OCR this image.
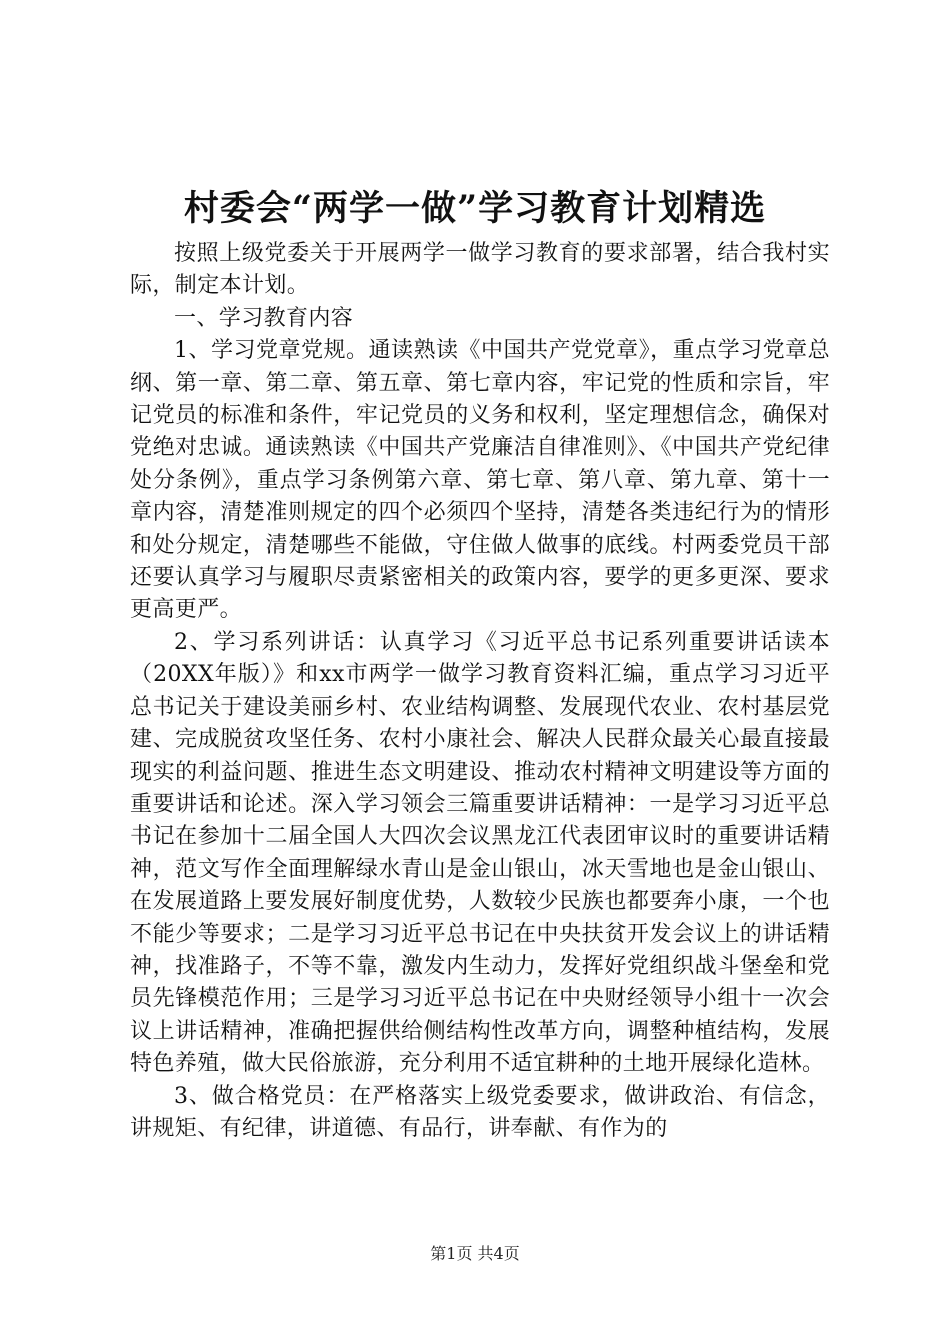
村委会“两学一做”学习教育计划精选

按照上级党委关于开展两学一做学习教育的要求部署，结合我村实际，制定本计划。

一、学习教育内容

1、学习党章党规。通读熟读《中国共产党党章》，重点学习党章总纲、第一章、第二章、第五章、第七章内容，牢记党的性质和宗旨，牢记党员的标准和条件，牢记党员的义务和权利，坚定理想信念，确保对党绝对忠诚。通读熟读《中国共产党廉洁自律准则》、《中国共产党纪律处分条例》，重点学习条例第六章、第七章、第八章、第九章、第十一章内容，清楚准则规定的四个必须四个坚持，清楚各类违纪行为的情形和处分规定，清楚哪些不能做，守住做人做事的底线。村两委党员干部还要认真学习与履职尽责紧密相关的政策内容，要学的更多更深、要求更高更严。

2、学习系列讲话：认真学习《习近平总书记系列重要讲话读本（20XX年版）》和xx市两学一做学习教育资料汇编，重点学习习近平总书记关于建设美丽乡村、农业结构调整、发展现代农业、农村基层党建、完成脱贫攻坚任务、农村小康社会、解决人民群众最关心最直接最现实的利益问题、推进生态文明建设、推动农村精神文明建设等方面的重要讲话和论述。深入学习领会三篇重要讲话精神：一是学习习近平总书记在参加十二届全国人大四次会议黑龙江代表团审议时的重要讲话精神，范文写作全面理解绿水青山是金山银山，冰天雪地也是金山银山、在发展道路上要发展好制度优势，人数较少民族也都要奔小康，一个也不能少等要求；二是学习习近平总书记在中央扶贫开发会议上的讲话精神，找准路子，不等不靠，激发内生动力，发挥好党组织战斗堡垒和党员先锋模范作用；三是学习习近平总书记在中央财经领导小组十一次会议上讲话精神，准确把握供给侧结构性改革方向，调整种植结构，发展特色养殖，做大民俗旅游，充分利用不适宜耕种的土地开展绿化造林。

3、做合格党员：在严格落实上级党委要求，做讲政治、有信念，讲规矩、有纪律，讲道德、有品行，讲奉献、有作为的

第1页 共4页
